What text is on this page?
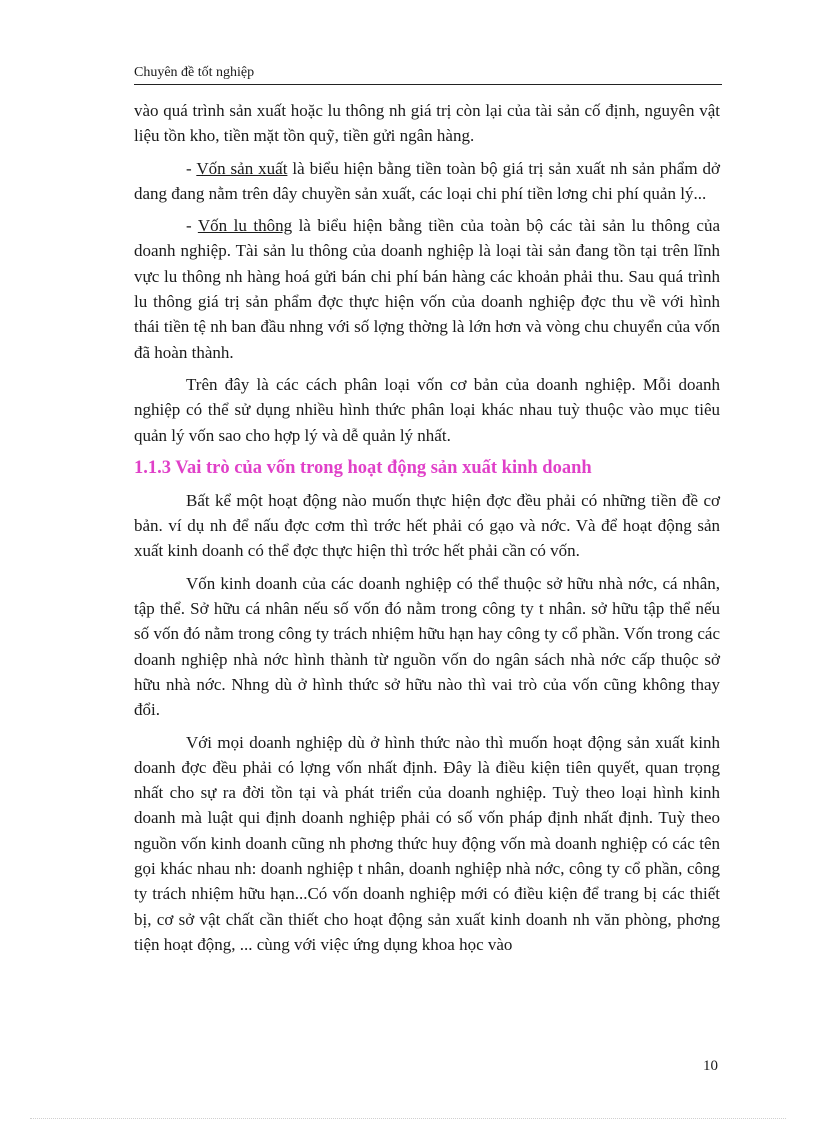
Chuyên đề tốt nghiệp

vào quá trình sản xuất hoặc lu thông nh giá trị còn lại của tài sản cố định, nguyên vật liệu tồn kho, tiền mặt tồn quỹ, tiền gửi ngân hàng.

- Vốn sản xuất là biểu hiện bằng tiền toàn bộ giá trị sản xuất nh sản phẩm dở dang đang nằm trên dây chuyền sản xuất, các loại chi phí tiền lơng chi phí quản lý...

- Vốn lu thông là biểu hiện bằng tiền của toàn bộ các tài sản lu thông của doanh nghiệp. Tài sản lu thông của doanh nghiệp là loại tài sản đang tồn tại trên lĩnh vực lu thông nh hàng hoá gửi bán chi phí bán hàng các khoản phải thu. Sau quá trình lu thông giá trị sản phẩm đợc thực hiện vốn của doanh nghiệp đợc thu về với hình thái tiền tệ nh ban đầu nhng với số lợng thờng là lớn hơn và vòng chu chuyển của vốn đã hoàn thành.

Trên đây là các cách phân loại vốn cơ bản của doanh nghiệp. Mỗi doanh nghiệp có thể sử dụng nhiều hình thức phân loại khác nhau tuỳ thuộc vào mục tiêu quản lý vốn sao cho hợp lý và dễ quản lý nhất.

1.1.3 Vai trò của vốn trong hoạt động sản xuất kinh doanh

Bất kể một hoạt động nào muốn thực hiện đợc đều phải có những tiền đề cơ bản. ví dụ nh để nấu đợc cơm thì trớc hết phải có gạo và nớc. Và để hoạt động sản xuất kinh doanh có thể đợc thực hiện thì trớc hết phải cần có vốn.

Vốn kinh doanh của các doanh nghiệp có thể thuộc sở hữu nhà nớc, cá nhân, tập thể. Sở hữu cá nhân nếu số vốn đó nằm trong công ty t nhân. sở hữu tập thể nếu số vốn đó nằm trong công ty trách nhiệm hữu hạn hay công ty cổ phần. Vốn trong các doanh nghiệp nhà nớc hình thành từ nguồn vốn do ngân sách nhà nớc cấp thuộc sở hữu nhà nớc. Nhng dù ở hình thức sở hữu nào thì vai trò của vốn cũng không thay đổi.

Với mọi doanh nghiệp dù ở hình thức nào thì muốn hoạt động sản xuất kinh doanh đợc đều phải có lợng vốn nhất định. Đây là điều kiện tiên quyết, quan trọng nhất cho sự ra đời tồn tại và phát triển của doanh nghiệp. Tuỳ theo loại hình kinh doanh mà luật qui định doanh nghiệp phải có số vốn pháp định nhất định. Tuỳ theo nguồn vốn kinh doanh cũng nh phơng thức huy động vốn mà doanh nghiệp có các tên gọi khác nhau nh: doanh nghiệp t nhân, doanh nghiệp nhà nớc, công ty cổ phần, công ty trách nhiệm hữu hạn...Có vốn doanh nghiệp mới có điều kiện để trang bị các thiết bị, cơ sở vật chất cần thiết cho hoạt động sản xuất kinh doanh nh văn phòng, phơng tiện hoạt động, ... cùng với việc ứng dụng khoa học vào

10
